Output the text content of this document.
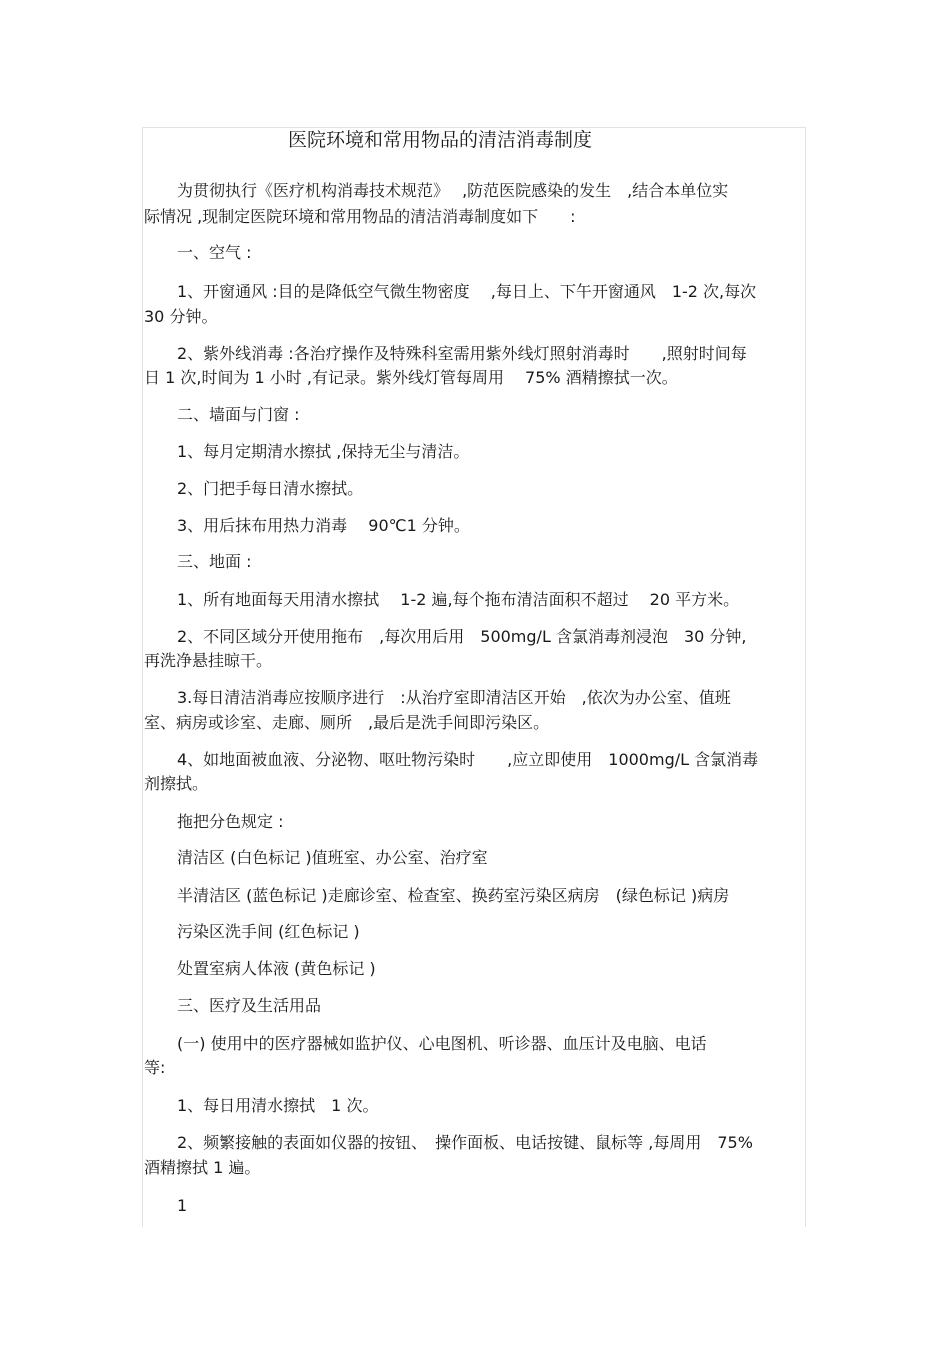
医院环境和常用物品的清洁消毒制度
为贯彻执行《医疗机构消毒技术规范》　 ,防范医院感染的发生　,结合本单位实
际情况 ,现制定医院环境和常用物品的清洁消毒制度如下　　:
一、空气 :
1、开窗通风 :目的是降低空气微生物密度　 ,每日上、下午开窗通风　1-2 次,每次
30 分钟。
2、紫外线消毒 :各治疗操作及特殊科室需用紫外线灯照射消毒时　　,照射时间每
日 1 次,时间为 1 小时 ,有记录。紫外线灯管每周用　 75% 酒精擦拭一次。
二、墙面与门窗 :
1、每月定期清水擦拭 ,保持无尘与清洁。
2、门把手每日清水擦拭。
3、用后抹布用热力消毒　 90℃1 分钟。
三、地面 :
1、所有地面每天用清水擦拭　 1-2 遍,每个拖布清洁面积不超过　 20 平方米。
2、不同区域分开使用拖布　,每次用后用　500mg/L 含氯消毒剂浸泡　30 分钟,
再洗净悬挂晾干。
3.每日清洁消毒应按顺序进行　:从治疗室即清洁区开始　,依次为办公室、值班
室、病房或诊室、走廊、厕所　,最后是洗手间即污染区。
4、如地面被血液、分泌物、呕吐物污染时　　,应立即使用　1000mg/L 含氯消毒
剂擦拭。
拖把分色规定 :
清洁区 (白色标记 )值班室、办公室、治疗室
半清洁区 (蓝色标记 )走廊诊室、检查室、换药室污染区病房　(绿色标记 )病房
污染区洗手间 (红色标记 )
处置室病人体液 (黄色标记 )
三、医疗及生活用品
(一) 使用中的医疗器械如监护仪、心电图机、听诊器、血压计及电脑、电话
等:
1、每日用清水擦拭　1 次。
2、频繁接触的表面如仪器的按钮、　操作面板、电话按键、鼠标等 ,每周用　75%
酒精擦拭 1 遍。
1
